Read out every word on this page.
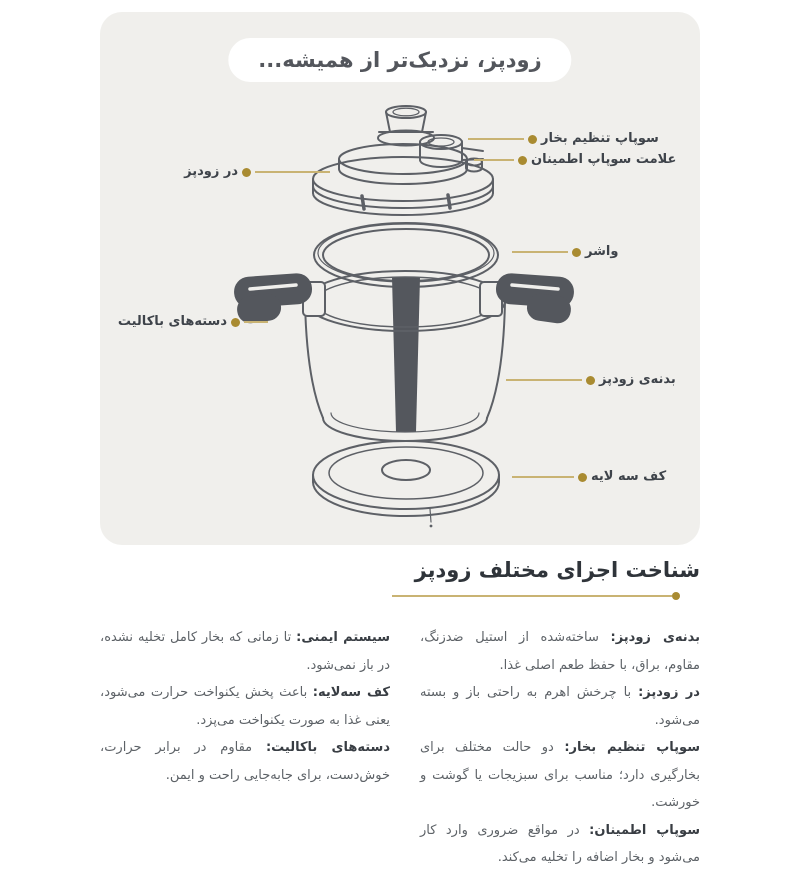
زودپز، نزدیک‌تر از همیشه...
سوپاپ تنظیم بخار
علامت سوپاپ اطمینان
در زودپز
واشر
دسته‌های باکالیت
بدنه‌ی زودپز
کف سه لایه
شناخت اجزای مختلف زودپز

بدنه‌ی زودپز: ساخته‌شده از استیل ضدزنگ، مقاوم، براق، با حفظ طعم اصلی غذا.

در زودپز: با چرخش اهرم به راحتی باز و بسته می‌شود.

سوپاپ تنظیم بخار: دو حالت مختلف برای بخارگیری دارد؛ مناسب برای سبزیجات یا گوشت و خورشت.

سوپاپ اطمینان: در مواقع ضروری وارد کار می‌شود و بخار اضافه را تخلیه می‌کند.

سیستم ایمنی: تا زمانی که بخار کامل تخلیه نشده، در باز نمی‌شود.

کف سه‌لایه: باعث پخش یکنواخت حرارت می‌شود، یعنی غذا به صورت یکنواخت می‌پزد.

دسته‌های باکالیت: مقاوم در برابر حرارت، خوش‌دست، برای جابه‌جایی راحت و ایمن.
